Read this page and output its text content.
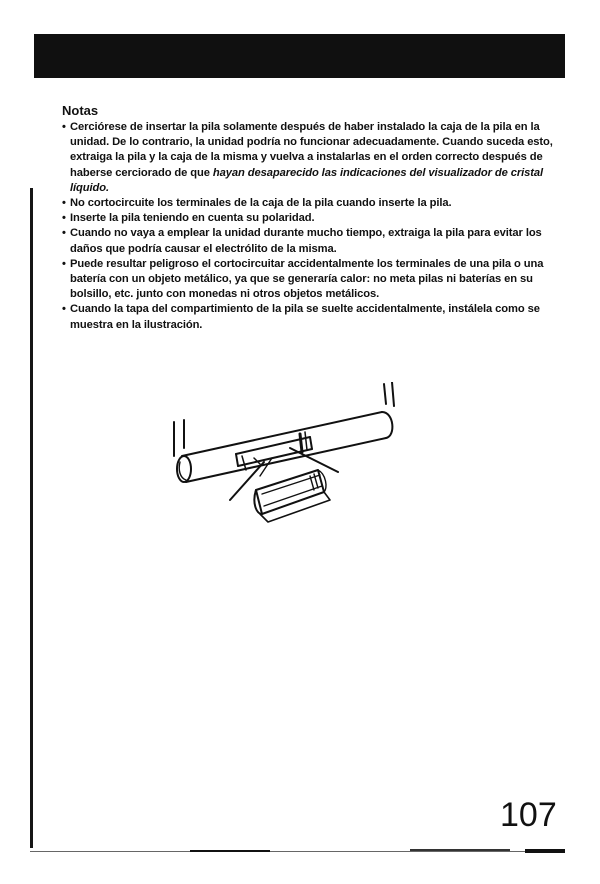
Notas
• Cerciórese de insertar la pila solamente después de haber instalado la caja de la pila en la unidad. De lo contrario, la unidad podría no funcionar adecuadamente. Cuando suceda esto, extraiga la pila y la caja de la misma y vuelva a instalarlas en el orden correcto después de haberse cerciorado de que hayan desaparecido las indicaciones del visualizador de cristal líquido.
• No cortocircuite los terminales de la caja de la pila cuando inserte la pila.
• Inserte la pila teniendo en cuenta su polaridad.
• Cuando no vaya a emplear la unidad durante mucho tiempo, extraiga la pila para evitar los daños que podría causar el electrólito de la misma.
• Puede resultar peligroso el cortocircuitar accidentalmente los terminales de una pila o una batería con un objeto metálico, ya que se generaría calor: no meta pilas ni baterías en su bolsillo, etc. junto con monedas ni otros objetos metálicos.
• Cuando la tapa del compartimiento de la pila se suelte accidentalmente, instálela como se muestra en la ilustración.
107
